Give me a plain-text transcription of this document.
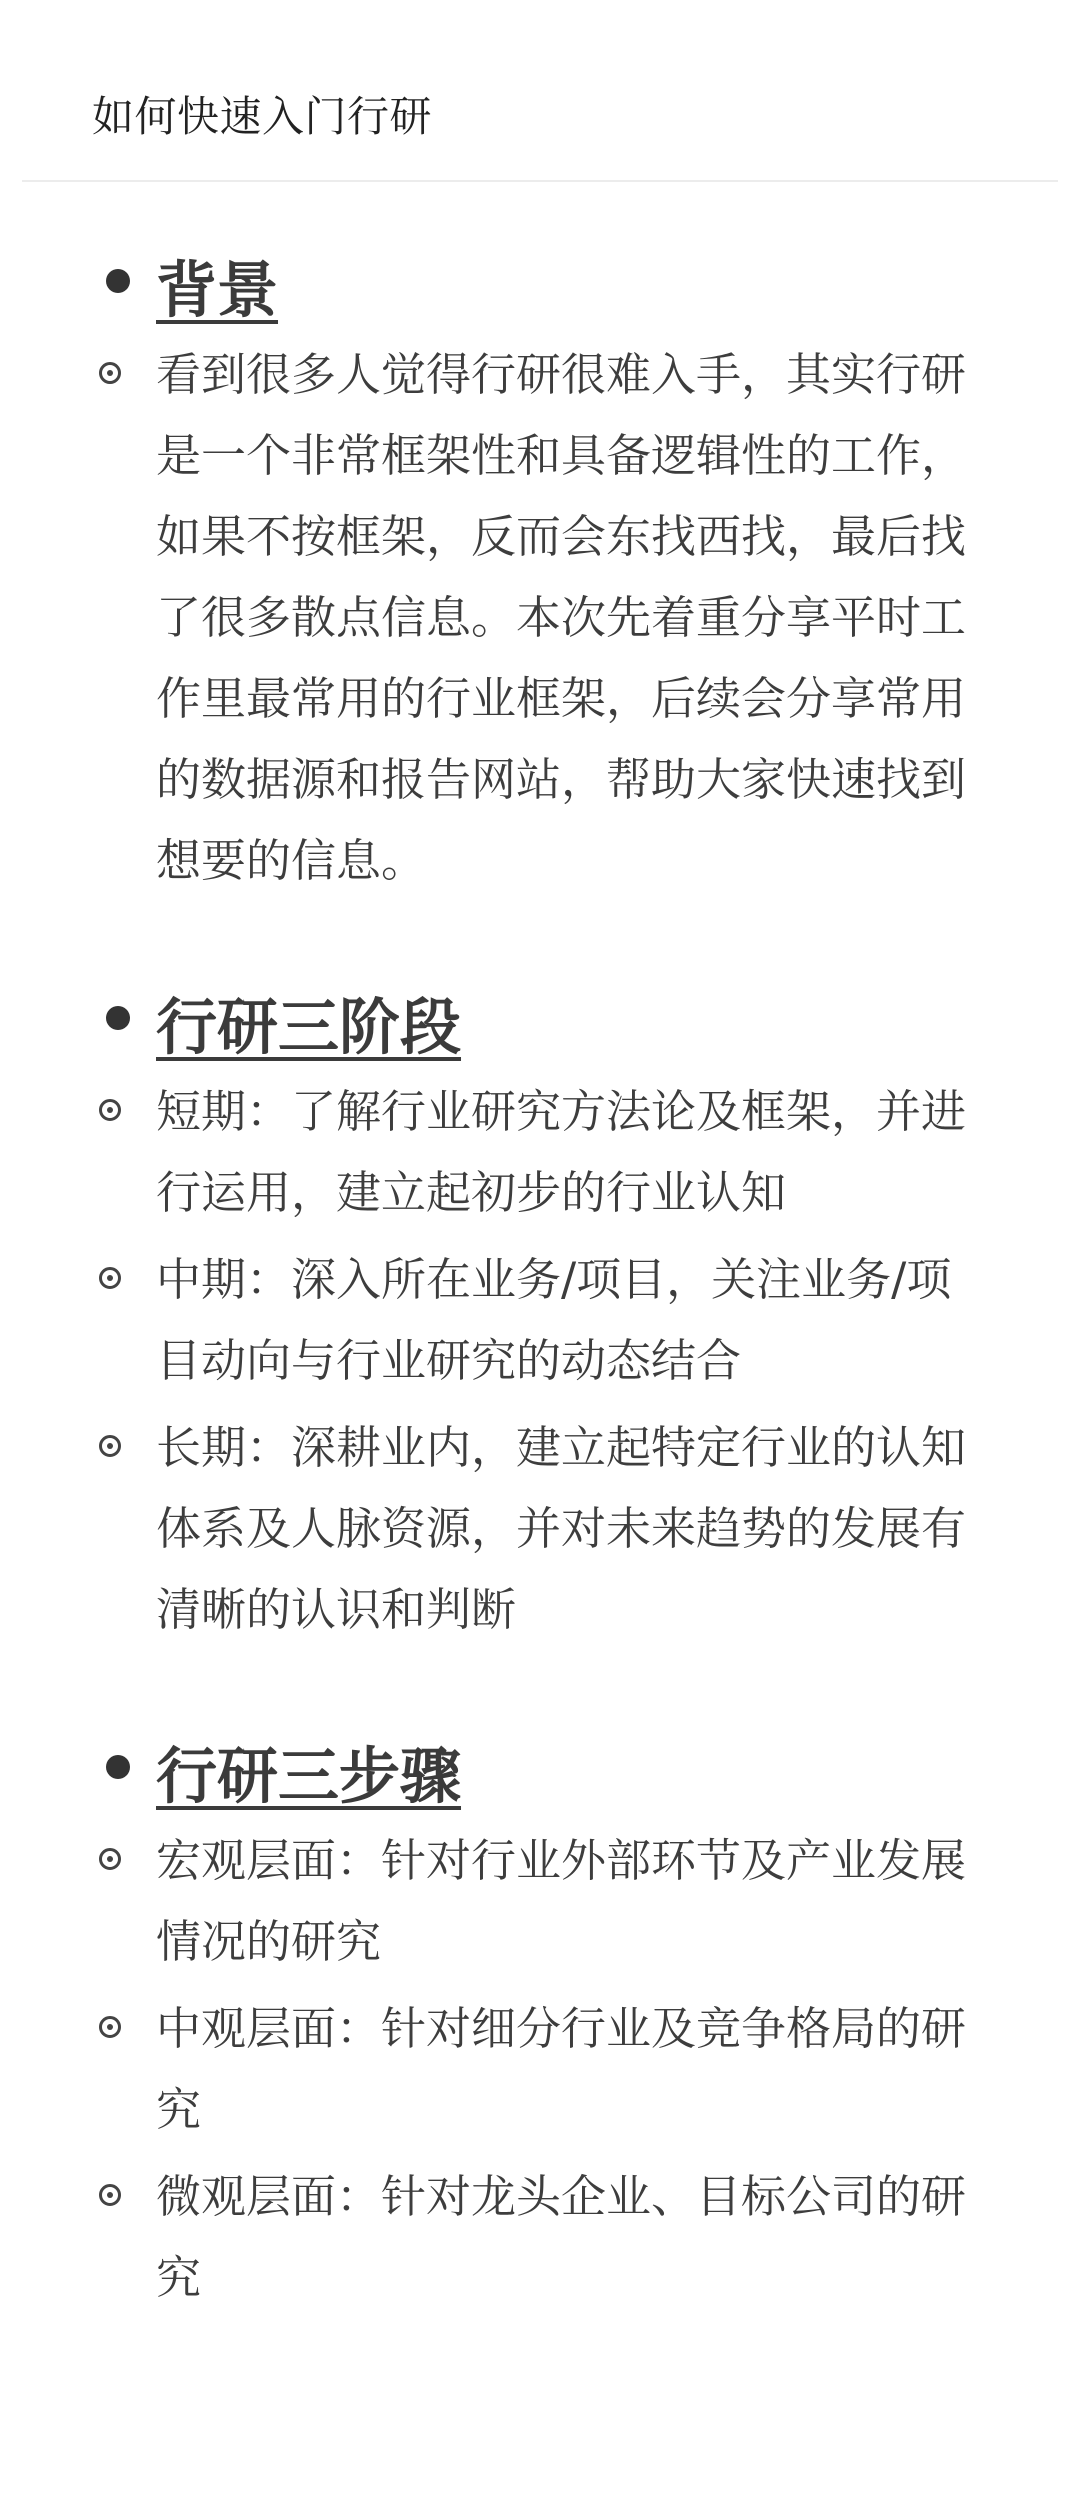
如何快速入门行研
背景
看到很多人觉得行研很难入手，其实行研是一个非常框架性和具备逻辑性的工作，如果不按框架，反而会东找西找，最后找了很多散点信息。本次先着重分享平时工作里最常用的行业框架，后续会分享常用的数据源和报告网站，帮助大家快速找到想要的信息。
行研三阶段
短期：了解行业研究方法论及框架，并进行运用，建立起初步的行业认知
中期：深入所在业务/项目，关注业务/项目动向与行业研究的动态结合
长期：深耕业内，建立起特定行业的认知体系及人脉资源，并对未来趋势的发展有清晰的认识和判断
行研三步骤
宏观层面：针对行业外部环节及产业发展情况的研究
中观层面：针对细分行业及竞争格局的研究
微观层面：针对龙头企业、目标公司的研究
